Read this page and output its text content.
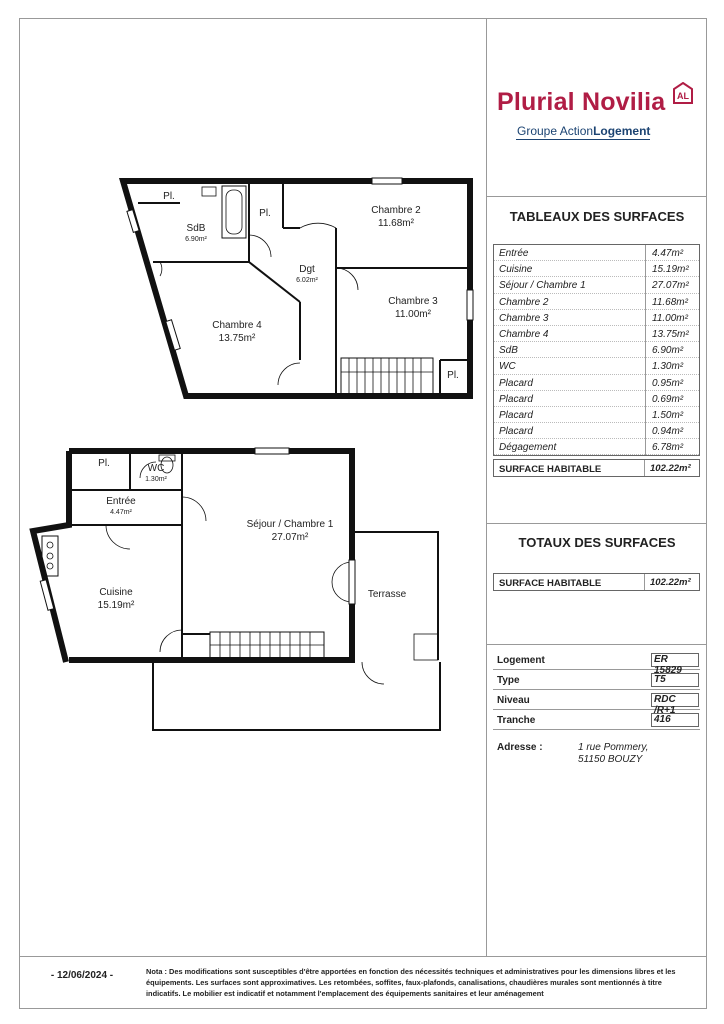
Plurial Novilia AL
Groupe ActionLogement
TABLEAUX DES SURFACES
Entrée	4.47m²
Cuisine	15.19m²
Séjour / Chambre 1	27.07m²
Chambre 2	11.68m²
Chambre 3	11.00m²
Chambre 4	13.75m²
SdB	6.90m²
WC	1.30m²
Placard	0.95m²
Placard	0.69m²
Placard	1.50m²
Placard	0.94m²
Dégagement	6.78m²
SURFACE HABITABLE	102.22m²
TOTAUX DES SURFACES
SURFACE HABITABLE	102.22m²
Logement	ER 15829
Type	T5
Niveau	RDC /R+1
Tranche	416
Adresse :	1 rue Pommery,
51150 BOUZY
- 12/06/2024 -	Nota : Des modifications sont susceptibles d'être apportées en fonction des nécessités techniques et administratives pour les dimensions libres et les équipements. Les surfaces sont approximatives. Les retombées, soffites, faux-plafonds, canalisations, chaudières murales sont mentionnés à titre indicatifs. Le mobilier est indicatif et notamment l'emplacement des équipements sanitaires et leur aménagement
Pl.
SdB
6.90m²
Pl.	Chambre 2
11.68m²
Dgt
6.02m²
Chambre 3
11.00m²
Chambre 4
13.75m²
Pl.
Pl.	WC
1.30m²
Entrée
4.47m²
Séjour / Chambre 1
27.07m²
Cuisine
15.19m²
Terrasse
